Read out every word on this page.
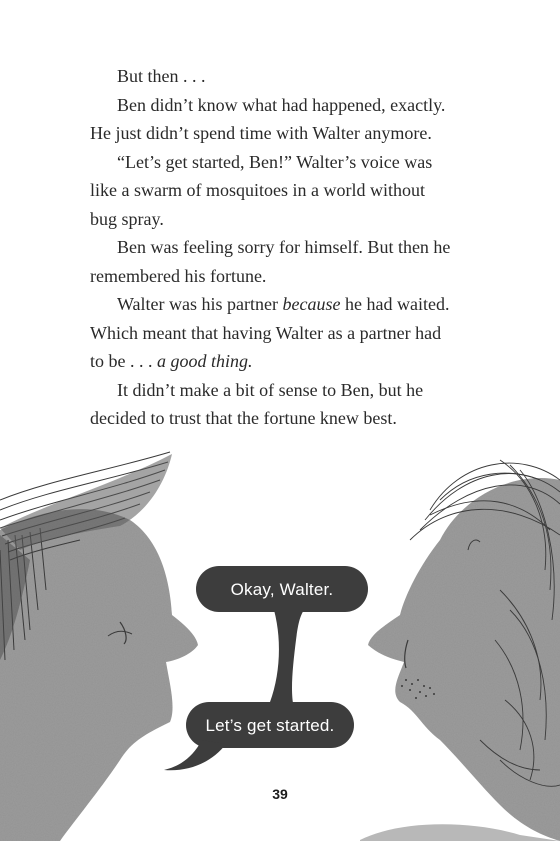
But then . . .

Ben didn’t know what had happened, exactly.

He just didn’t spend time with Walter anymore.

“Let’s get started, Ben!” Walter’s voice was

like a swarm of mosquitoes in a world without

bug spray.

Ben was feeling sorry for himself. But then he

remembered his fortune.

Walter was his partner because he had waited.

Which meant that having Walter as a partner had

to be . . . a good thing.

It didn’t make a bit of sense to Ben, but he

decided to trust that the fortune knew best.

Okay, Walter.
Let’s get started.
39
